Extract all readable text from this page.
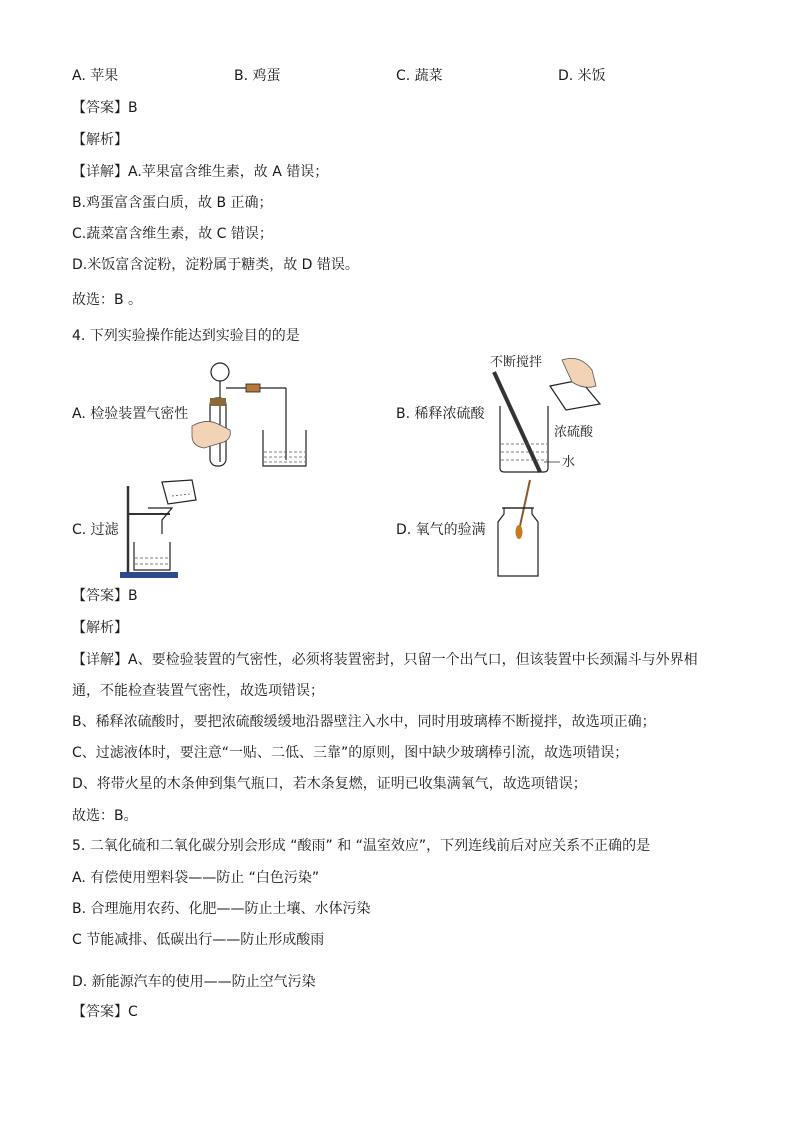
A. 苹果	B. 鸡蛋	C. 蔬菜	D. 米饭
【答案】B
【解析】
【详解】A.苹果富含维生素，故 A 错误；
B.鸡蛋富含蛋白质，故 B 正确；
C.蔬菜富含维生素，故 C 错误；
D.米饭富含淀粉，淀粉属于糖类，故 D 错误。
故选：B 。
4. 下列实验操作能达到实验目的的是
A. 检验装置气密性	B. 稀释浓硫酸
C. 过滤	D. 氧气的验满
不断搅拌
浓硫酸
水
【答案】B
【解析】
【详解】A、要检验装置的气密性，必须将装置密封，只留一个出气口，但该装置中长颈漏斗与外界相
通，不能检查装置气密性，故选项错误；
B、稀释浓硫酸时，要把浓硫酸缓缓地沿器壁注入水中，同时用玻璃棒不断搅拌，故选项正确；
C、过滤液体时，要注意“一贴、二低、三靠”的原则，图中缺少玻璃棒引流，故选项错误；
D、将带火星的木条伸到集气瓶口，若木条复燃，证明已收集满氧气，故选项错误；
故选：B。
5. 二氧化硫和二氧化碳分别会形成 “酸雨” 和 “温室效应”，下列连线前后对应关系不正确的是
A. 有偿使用塑料袋——防止 “白色污染”
B. 合理施用农药、化肥——防止土壤、水体污染
C 节能减排、低碳出行——防止形成酸雨
D. 新能源汽车的使用——防止空气污染
【答案】C
